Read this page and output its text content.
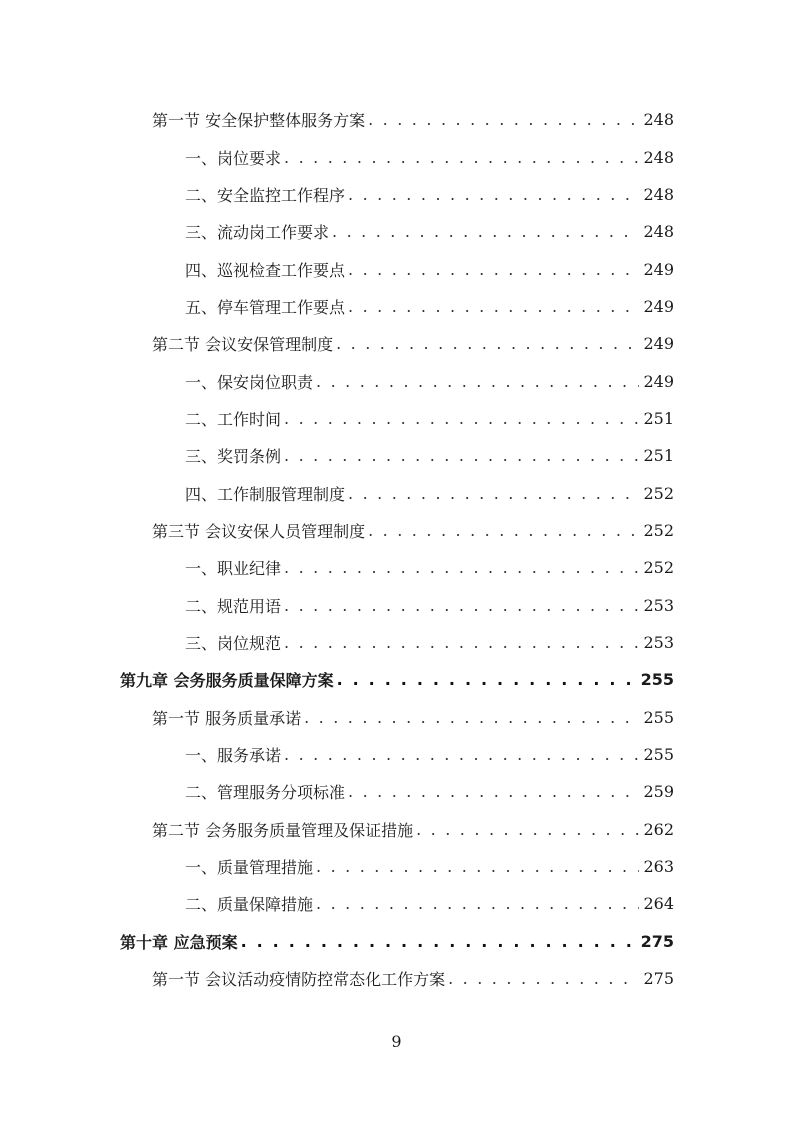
第一节 安全保护整体服务方案 . . .	248
一、岗位要求 . . .	248
二、安全监控工作程序 . . .	248
三、流动岗工作要求 . . .	248
四、巡视检查工作要点 . . .	249
五、停车管理工作要点 . . .	249
第二节 会议安保管理制度 . . .	249
一、保安岗位职责 . . .	249
二、工作时间 . . .	251
三、奖罚条例 . . .	251
四、工作制服管理制度 . . .	252
第三节 会议安保人员管理制度 . . .	252
一、职业纪律 . . .	252
二、规范用语 . . .	253
三、岗位规范 . . .	253
第九章 会务服务质量保障方案 . . .	255
第一节 服务质量承诺 . . .	255
一、服务承诺 . . .	255
二、管理服务分项标准 . . .	259
第二节 会务服务质量管理及保证措施 . . .	262
一、质量管理措施 . . .	263
二、质量保障措施 . . .	264
第十章 应急预案 . . .	275
第一节 会议活动疫情防控常态化工作方案 . . .	275
9
